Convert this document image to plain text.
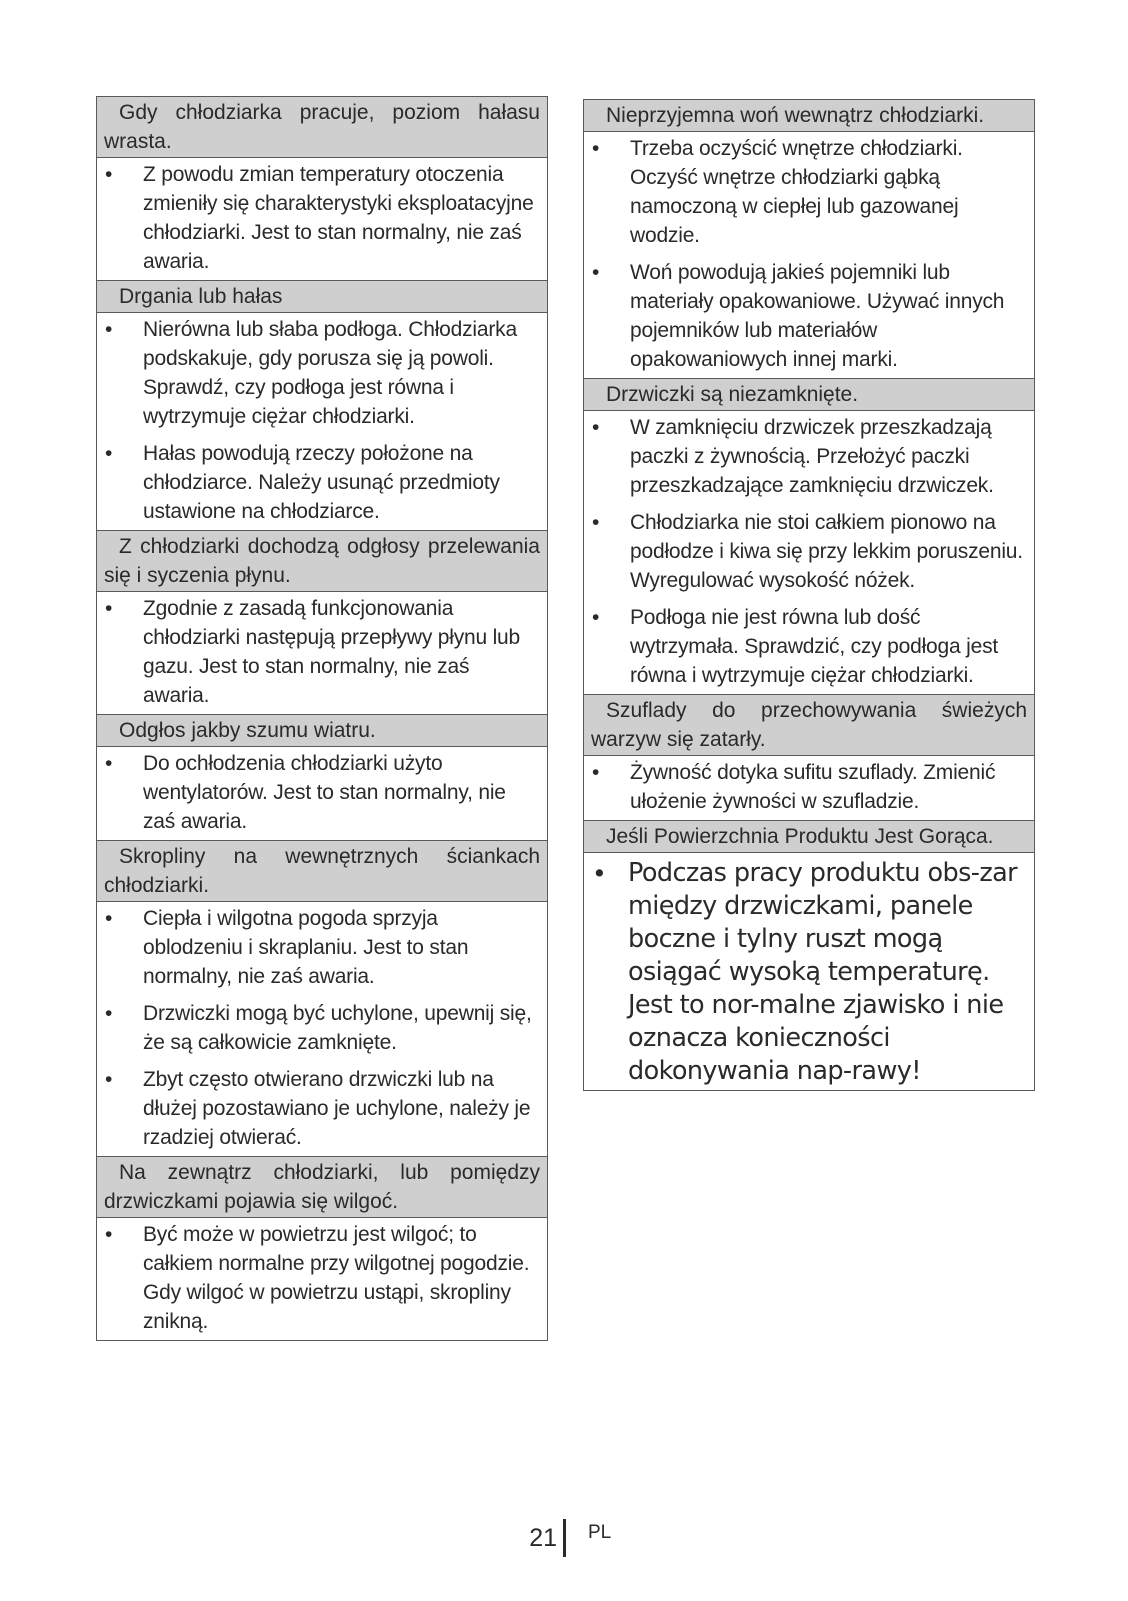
Gdy chłodziarka pracuje, poziom hałasu wrasta.
•	Z powodu zmian temperatury otoczenia zmieniły się charakterystyki eksploatacyjne chłodziarki. Jest to stan normalny, nie zaś awaria.
Drgania lub hałas
•	Nierówna lub słaba podłoga. Chłodziarka podskakuje, gdy porusza się ją powoli. Sprawdź, czy podłoga jest równa i wytrzymuje ciężar chłodziarki.
•	Hałas powodują rzeczy położone na chłodziarce. Należy usunąć przedmioty ustawione na chłodziarce.
Z chłodziarki dochodzą odgłosy przelewania się i syczenia płynu.
•	Zgodnie z zasadą funkcjonowania chłodziarki następują przepływy płynu lub gazu. Jest to stan normalny, nie zaś awaria.
Odgłos jakby szumu wiatru.
•	Do ochłodzenia chłodziarki użyto wentylatorów. Jest to stan normalny, nie zaś awaria.
Skropliny na wewnętrznych ściankach chłodziarki.
•	Ciepła i wilgotna pogoda sprzyja oblodzeniu i skraplaniu. Jest to stan normalny, nie zaś awaria.
•	Drzwiczki mogą być uchylone, upewnij się, że są całkowicie zamknięte.
•	Zbyt często otwierano drzwiczki lub na dłużej pozostawiano je uchylone, należy je rzadziej otwierać.
Na zewnątrz chłodziarki, lub pomiędzy drzwiczkami pojawia się wilgoć.
•	Być może w powietrzu jest wilgoć; to całkiem normalne przy wilgotnej pogodzie. Gdy wilgoć w powietrzu ustąpi, skropliny znikną.
Nieprzyjemna woń wewnątrz chłodziarki.
•	Trzeba oczyścić wnętrze chłodziarki. Oczyść wnętrze chłodziarki gąbką namoczoną w ciepłej lub gazowanej wodzie.
•	Woń powodują jakieś pojemniki lub materiały opakowaniowe. Używać innych pojemników lub materiałów opakowaniowych innej marki.
Drzwiczki są niezamknięte.
•	W zamknięciu drzwiczek przeszkadzają paczki z żywnością. Przełożyć paczki przeszkadzające zamknięciu drzwiczek.
•	Chłodziarka nie stoi całkiem pionowo na podłodze i kiwa się przy lekkim poruszeniu. Wyregulować wysokość nóżek.
•	Podłoga nie jest równa lub dość wytrzymała. Sprawdzić, czy podłoga jest równa i wytrzymuje ciężar chłodziarki.
Szuflady do przechowywania świeżych warzyw się zatarły.
•	Żywność dotyka sufitu szuflady. Zmienić ułożenie żywności w szufladzie.
Jeśli Powierzchnia Produktu Jest Gorąca.
• Podczas pracy produktu obs-zar między drzwiczkami, panele boczne i tylny ruszt mogą osiągać wysoką temperaturę. Jest to nor-malne zjawisko i nie oznacza konieczności dokonywania nap-rawy!
21 PL
